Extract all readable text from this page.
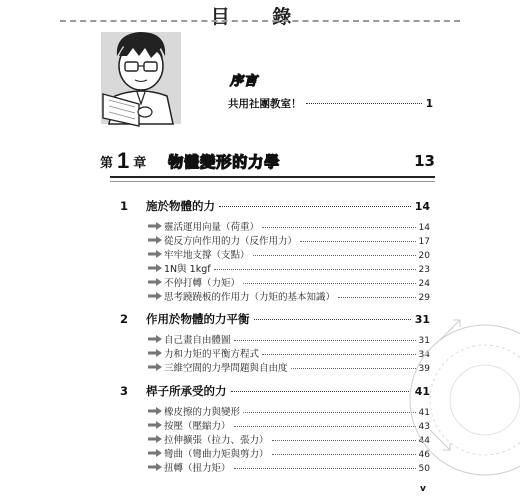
目 錄
序言
共用社團教室！	1
第 1 章 物體變形的力學	13
1	施於物體的力	14
靈活運用向量（荷重）	14
從反方向作用的力（反作用力）	17
牢牢地支撐（支點）	20
1N與 1kgf	23
不停打轉（力矩）	24
思考蹺蹺板的作用力（力矩的基本知識）	29
2	作用於物體的力平衡	31
自己畫自由體圖	31
力和力矩的平衡方程式	34
三維空間的力學問題與自由度	39
3	桿子所承受的力	41
橡皮擦的力與變形	41
按壓（壓縮力）	43
拉伸擴張（拉力、張力）	44
彎曲（彎曲力矩與剪力）	46
扭轉（扭力矩）	50
v
